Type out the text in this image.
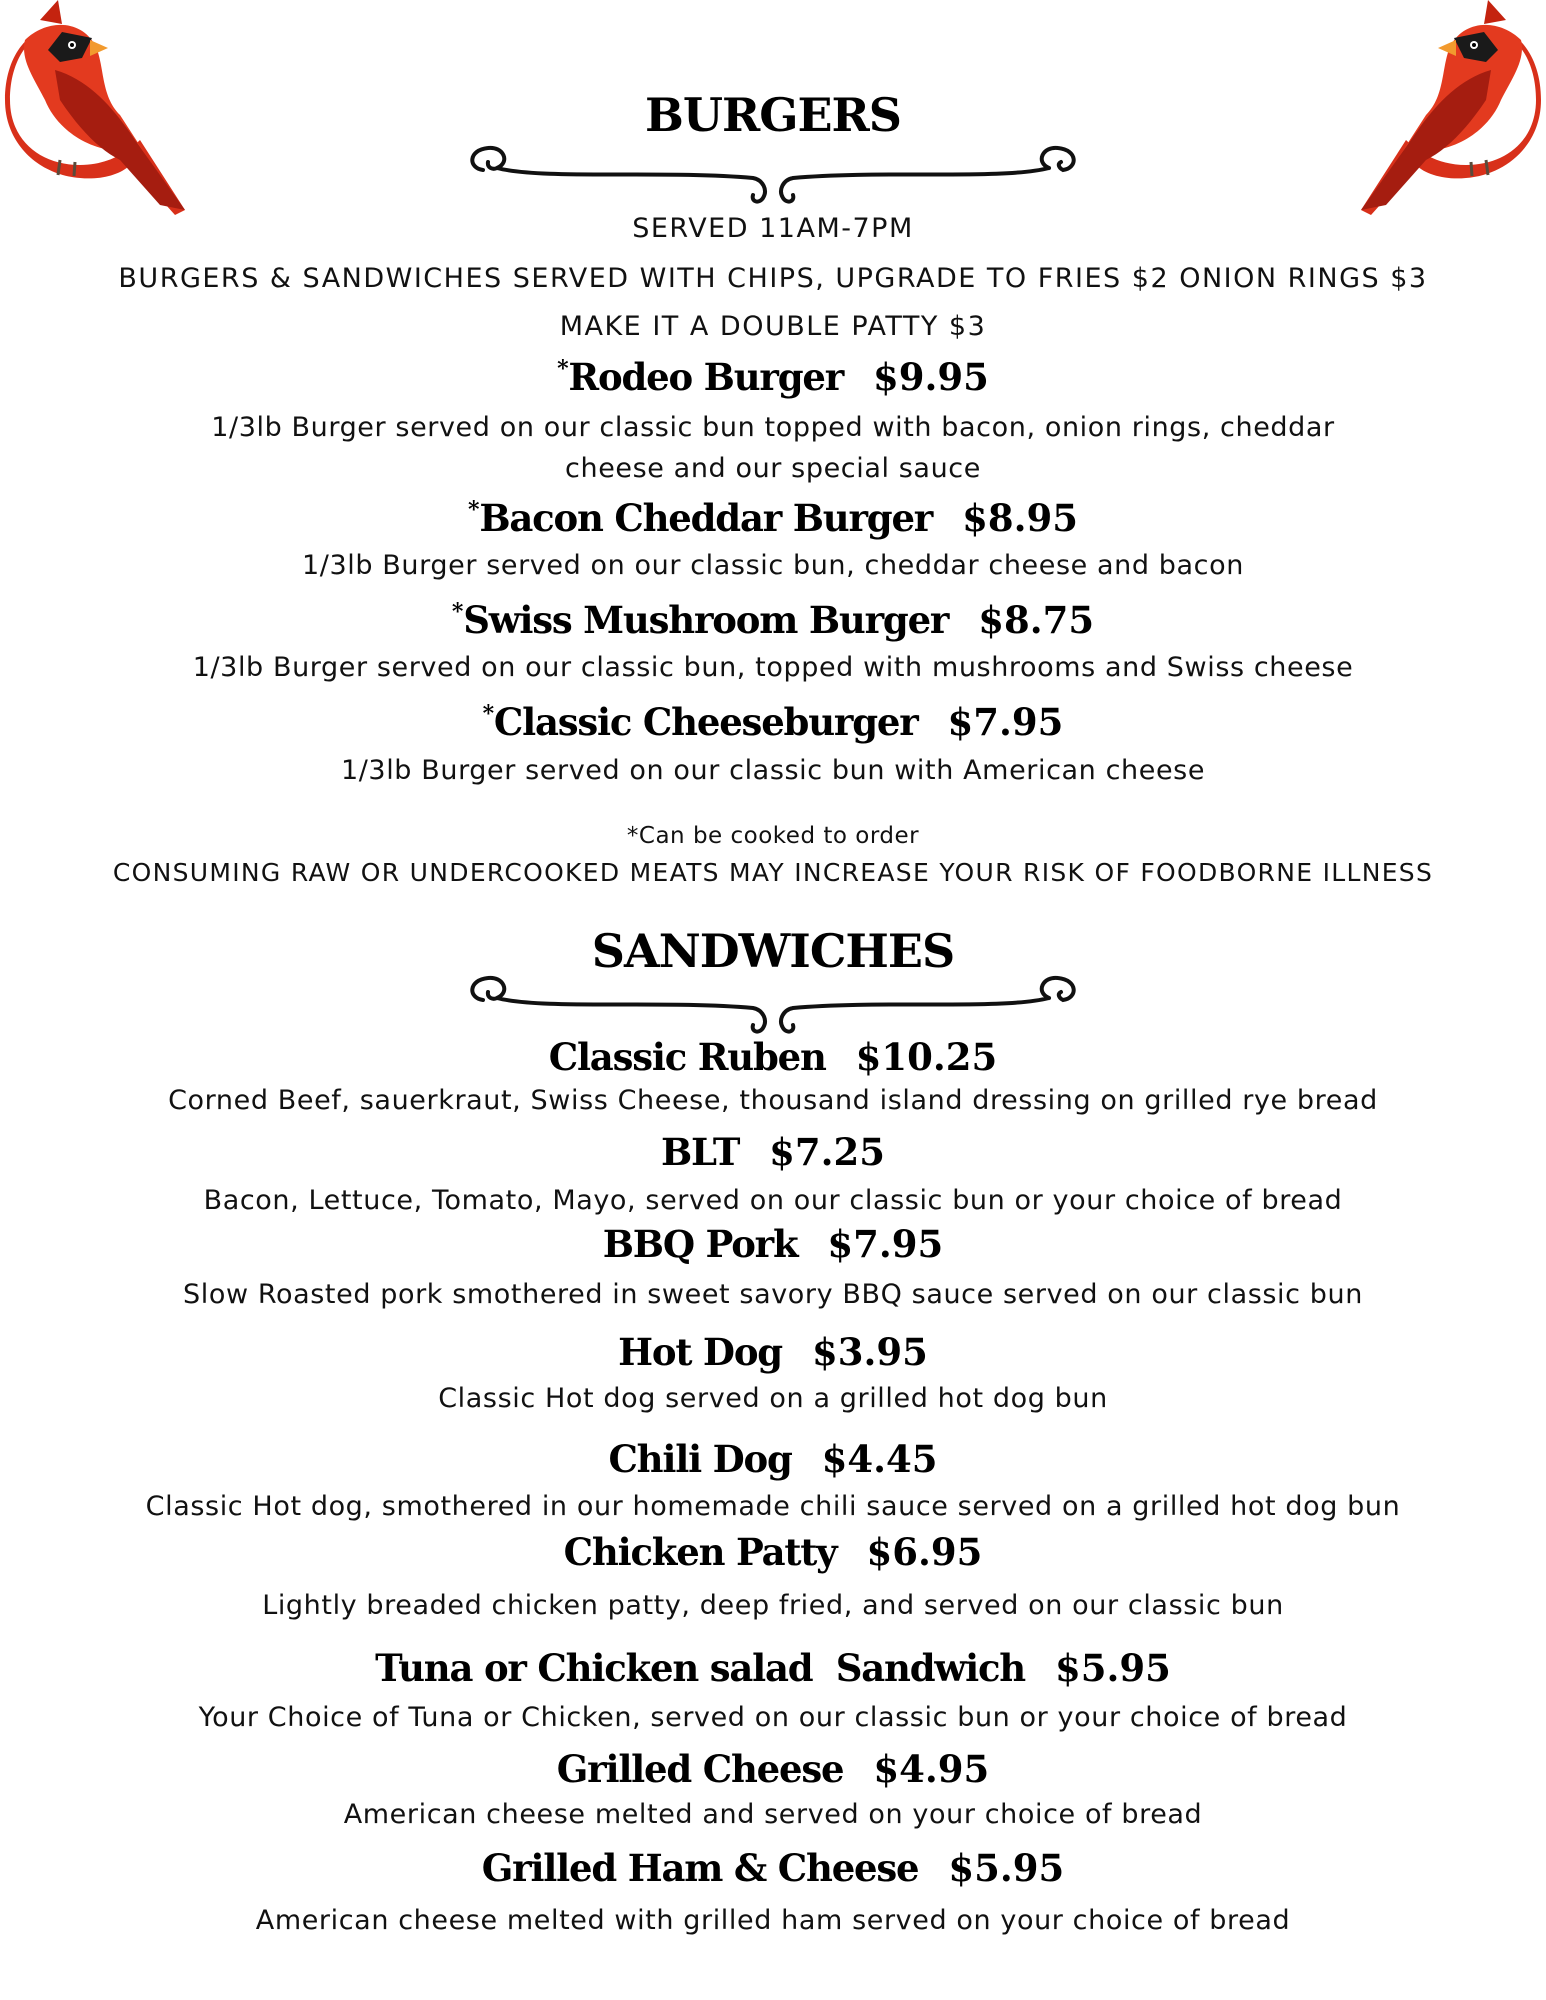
BURGERS
SERVED 11AM-7PM
BURGERS & SANDWICHES SERVED WITH CHIPS, UPGRADE TO FRIES $2 ONION RINGS $3
MAKE IT A DOUBLE PATTY $3
*Rodeo Burger $9.95
1/3lb Burger served on our classic bun topped with bacon, onion rings, cheddar
cheese and our special sauce
*Bacon Cheddar Burger $8.95
1/3lb Burger served on our classic bun, cheddar cheese and bacon
*Swiss Mushroom Burger $8.75
1/3lb Burger served on our classic bun, topped with mushrooms and Swiss cheese
*Classic Cheeseburger $7.95
1/3lb Burger served on our classic bun with American cheese
*Can be cooked to order
CONSUMING RAW OR UNDERCOOKED MEATS MAY INCREASE YOUR RISK OF FOODBORNE ILLNESS
SANDWICHES
Classic Ruben $10.25
Corned Beef, sauerkraut, Swiss Cheese, thousand island dressing on grilled rye bread
BLT $7.25
Bacon, Lettuce, Tomato, Mayo, served on our classic bun or your choice of bread
BBQ Pork $7.95
Slow Roasted pork smothered in sweet savory BBQ sauce served on our classic bun
Hot Dog $3.95
Classic Hot dog served on a grilled hot dog bun
Chili Dog $4.45
Classic Hot dog, smothered in our homemade chili sauce served on a grilled hot dog bun
Chicken Patty $6.95
Lightly breaded chicken patty, deep fried, and served on our classic bun
Tuna or Chicken salad  Sandwich $5.95
Your Choice of Tuna or Chicken, served on our classic bun or your choice of bread
Grilled Cheese $4.95
American cheese melted and served on your choice of bread
Grilled Ham & Cheese $5.95
American cheese melted with grilled ham served on your choice of bread
